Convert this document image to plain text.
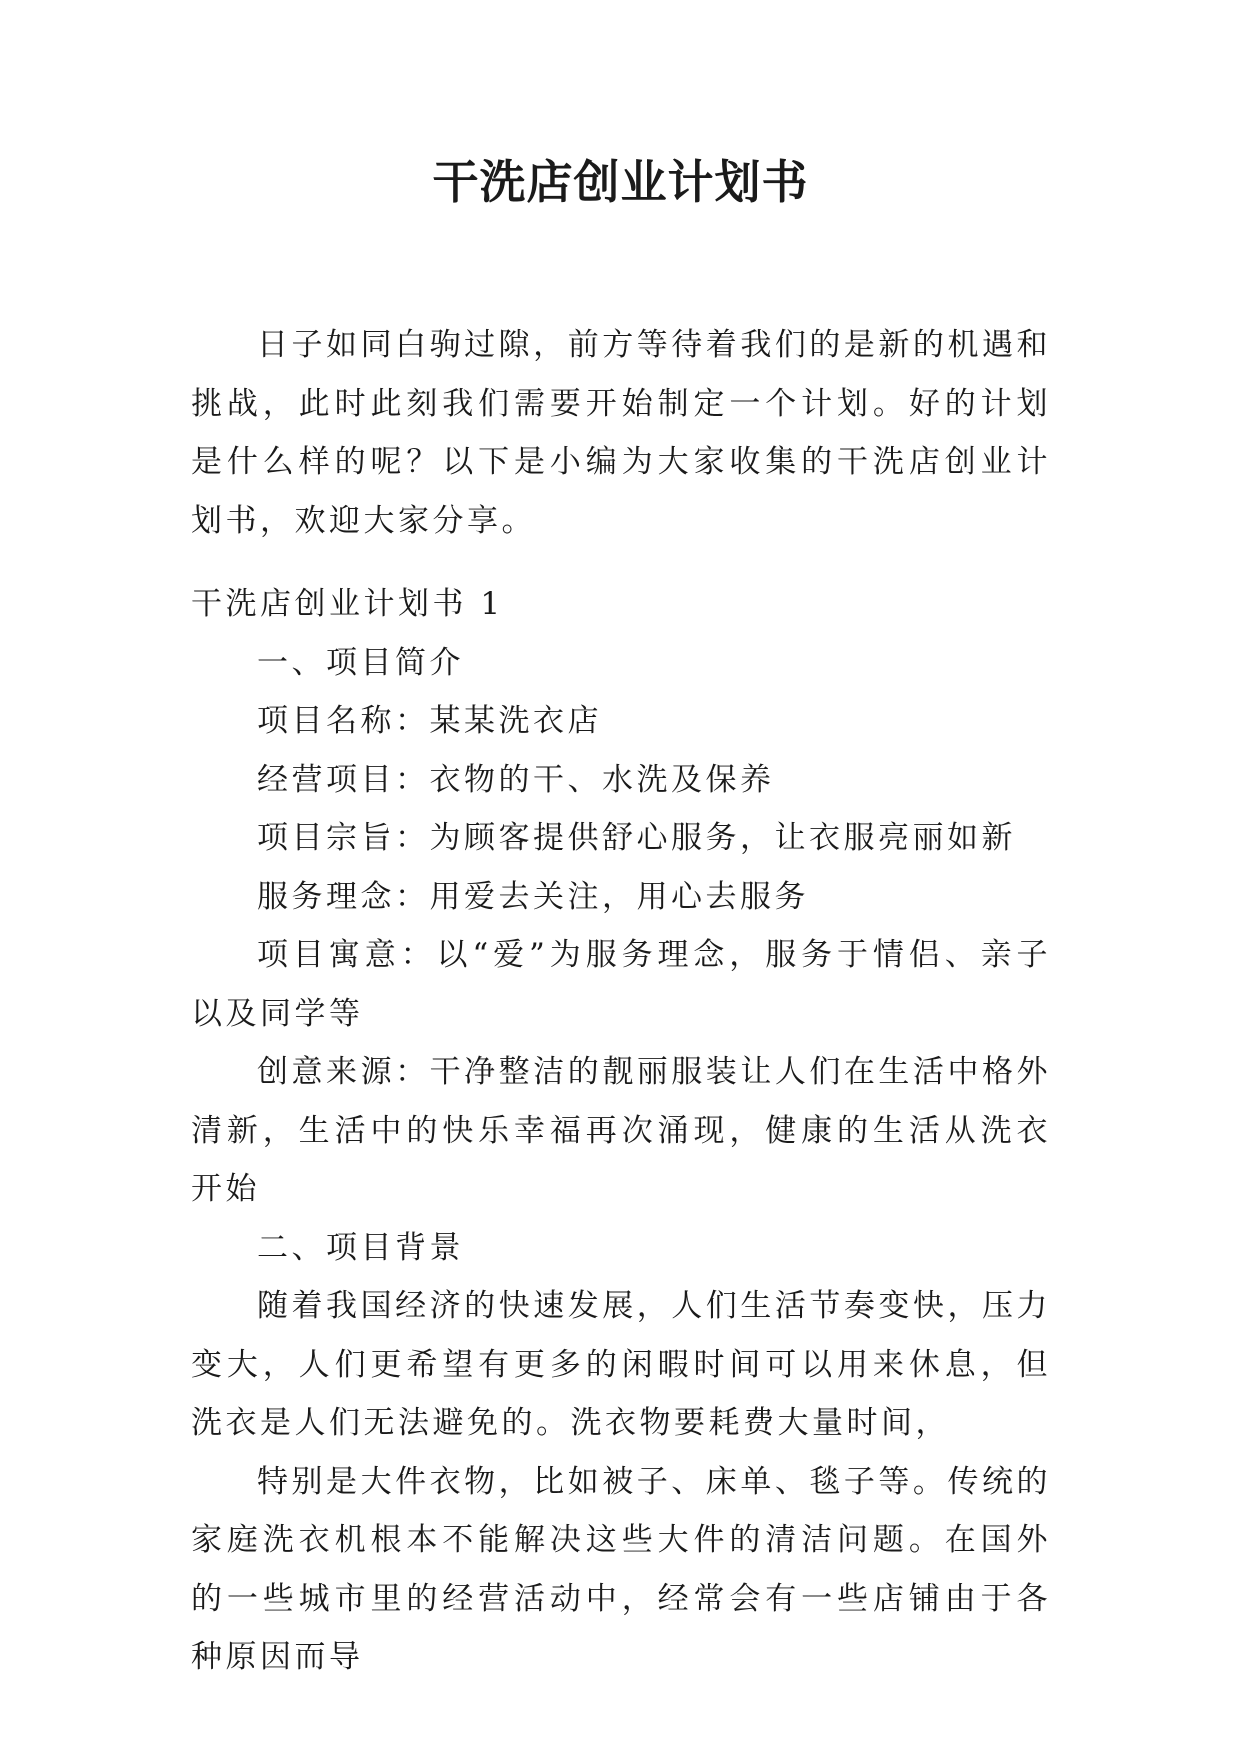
干洗店创业计划书

日子如同白驹过隙，前方等待着我们的是新的机遇和挑战，此时此刻我们需要开始制定一个计划。好的计划是什么样的呢？以下是小编为大家收集的干洗店创业计划书，欢迎大家分享。

干洗店创业计划书 1

一、项目简介

项目名称：某某洗衣店

经营项目：衣物的干、水洗及保养

项目宗旨：为顾客提供舒心服务，让衣服亮丽如新

服务理念：用爱去关注，用心去服务

项目寓意：以“爱”为服务理念，服务于情侣、亲子以及同学等

创意来源：干净整洁的靓丽服装让人们在生活中格外清新，生活中的快乐幸福再次涌现，健康的生活从洗衣开始

二、项目背景

随着我国经济的快速发展，人们生活节奏变快，压力变大，人们更希望有更多的闲暇时间可以用来休息，但洗衣是人们无法避免的。洗衣物要耗费大量时间，

特别是大件衣物，比如被子、床单、毯子等。传统的家庭洗衣机根本不能解决这些大件的清洁问题。在国外的一些城市里的经营活动中，经常会有一些店铺由于各种原因而导
